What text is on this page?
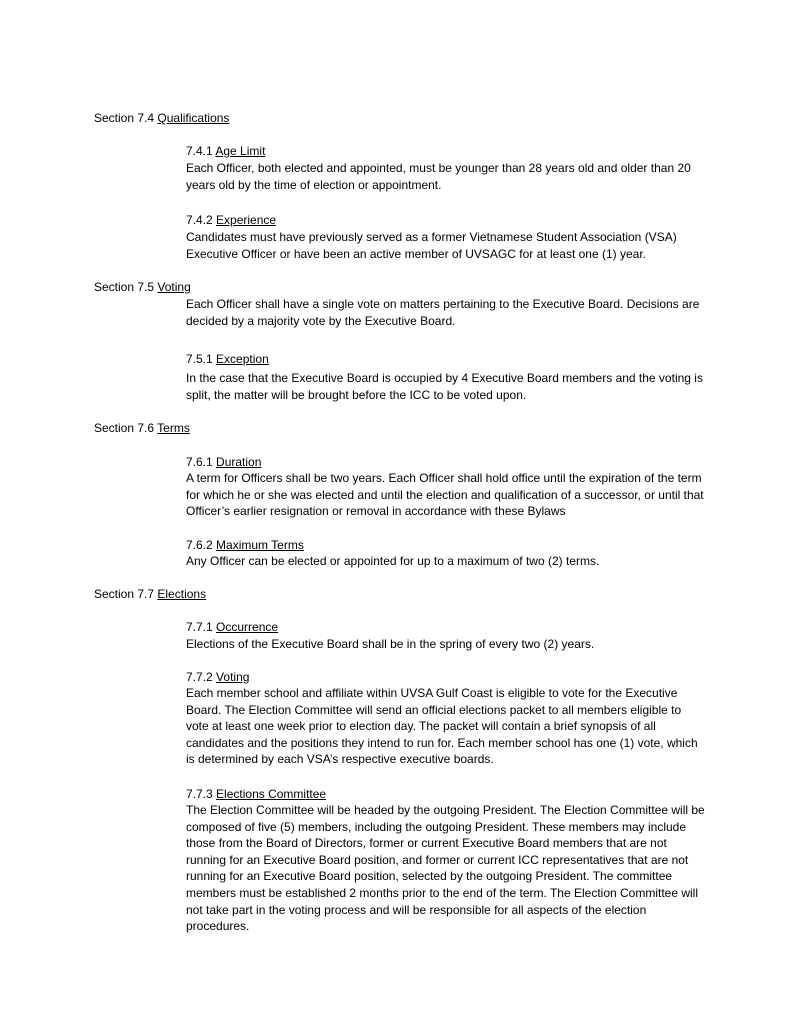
Section 7.4 Qualifications
7.4.1 Age Limit

Each Officer, both elected and appointed, must be younger than 28 years old and older than 20 years old by the time of election or appointment.

7.4.2 Experience

Candidates must have previously served as a former Vietnamese Student Association (VSA) Executive Officer or have been an active member of UVSAGC for at least one (1) year.

Section 7.5 Voting

Each Officer shall have a single vote on matters pertaining to the Executive Board. Decisions are decided by a majority vote by the Executive Board.

7.5.1 Exception

In the case that the Executive Board is occupied by 4 Executive Board members and the voting is split, the matter will be brought before the ICC to be voted upon.

Section 7.6 Terms
7.6.1 Duration

A term for Officers shall be two years. Each Officer shall hold office until the expiration of the term for which he or she was elected and until the election and qualification of a successor, or until that Officer’s earlier resignation or removal in accordance with these Bylaws

7.6.2 Maximum Terms

Any Officer can be elected or appointed for up to a maximum of two (2) terms.

Section 7.7 Elections
7.7.1 Occurrence

Elections of the Executive Board shall be in the spring of every two (2) years.

7.7.2 Voting

Each member school and affiliate within UVSA Gulf Coast is eligible to vote for the Executive Board. The Election Committee will send an official elections packet to all members eligible to vote at least one week prior to election day. The packet will contain a brief synopsis of all candidates and the positions they intend to run for. Each member school has one (1) vote, which is determined by each VSA’s respective executive boards.

7.7.3 Elections Committee

The Election Committee will be headed by the outgoing President. The Election Committee will be composed of five (5) members, including the outgoing President. These members may include those from the Board of Directors, former or current Executive Board members that are not running for an Executive Board position, and former or current ICC representatives that are not running for an Executive Board position, selected by the outgoing President. The committee members must be established 2 months prior to the end of the term. The Election Committee will not take part in the voting process and will be responsible for all aspects of the election procedures.
